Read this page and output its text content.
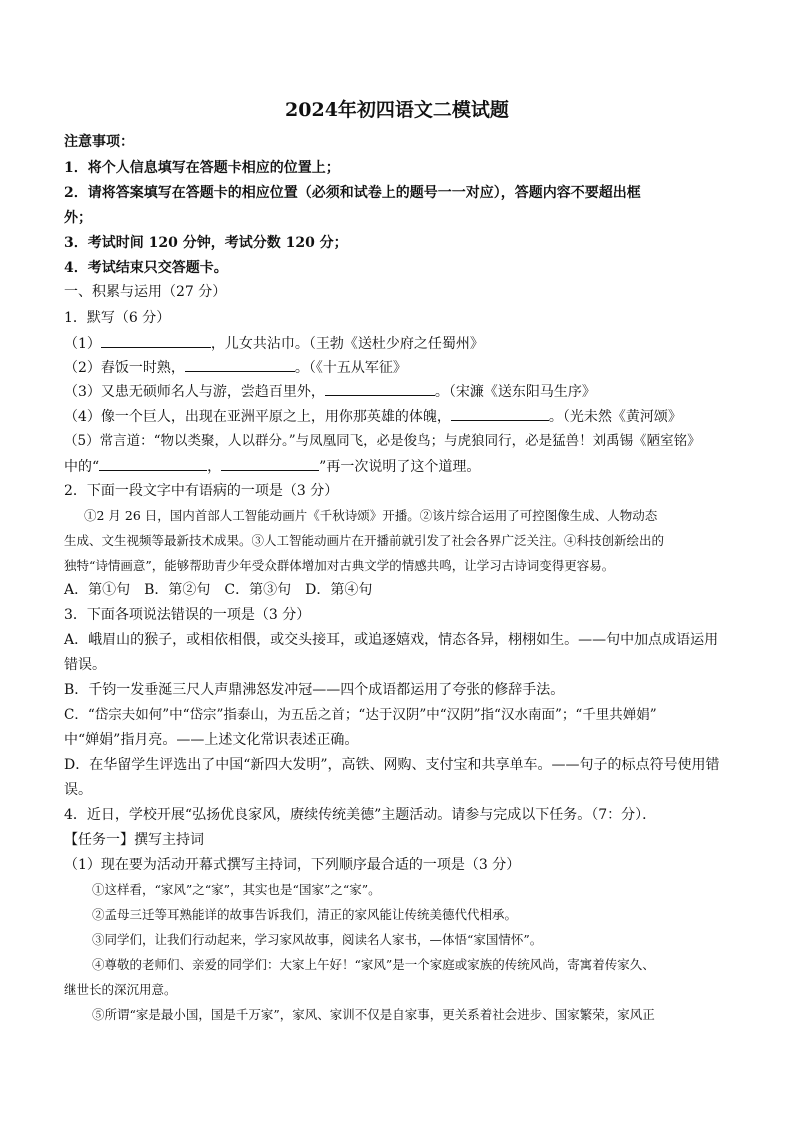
2024年初四语文二模试题
注意事项：
1．将个人信息填写在答题卡相应的位置上；
2．请将答案填写在答题卡的相应位置（必须和试卷上的题号一一对应），答题内容不要超出框
外；
3．考试时间 120 分钟，考试分数 120 分；
4．考试结束只交答题卡。
一、积累与运用（27 分）
1．默写（6 分）
（1）	，儿女共沾巾。（王勃《送杜少府之任蜀州》
（2）舂饭一时熟，	。（《十五从军征》
（3）又患无硕师名人与游，尝趋百里外，	。（宋濂《送东阳马生序》
（4）像一个巨人，出现在亚洲平原之上，用你那英雄的体魄，	。（光未然《黄河颂》
（5）常言道：“物以类聚，人以群分。”与凤凰同飞，必是俊鸟；与虎狼同行，必是猛兽！刘禹锡《陋室铭》
中的“	，	”再一次说明了这个道理。
2．下面一段文字中有语病的一项是（3 分）
①2 月 26 日，国内首部人工智能动画片《千秋诗颂》开播。②该片综合运用了可控图像生成、人物动态
生成、文生视频等最新技术成果。③人工智能动画片在开播前就引发了社会各界广泛关注。④科技创新绘出的
独特“诗情画意”，能够帮助青少年受众群体增加对古典文学的情感共鸣，让学习古诗词变得更容易。
A．第①句　B．第②句　C．第③句　D．第④句
3．下面各项说法错误的一项是（3 分）
A．峨眉山的猴子，或相依相偎，或交头接耳，或追逐嬉戏，情态各异，栩栩如生。——句中加点成语运用
错误。
B．千钧一发垂涎三尺人声鼎沸怒发冲冠——四个成语都运用了夸张的修辞手法。
C．“岱宗夫如何”中“岱宗”指泰山，为五岳之首；“达于汉阴”中“汉阴”指“汉水南面”；“千里共婵娟”
中“婵娟”指月亮。——上述文化常识表述正确。
D．在华留学生评选出了中国“新四大发明”，高铁、网购、支付宝和共享单车。——句子的标点符号使用错
误。
4．近日，学校开展“弘扬优良家风，赓续传统美德”主题活动。请参与完成以下任务。（7：分）．
【任务一】撰写主持词
（1）现在要为活动开幕式撰写主持词，下列顺序最合适的一项是（3 分）
①这样看，“家风”之“家”，其实也是“国家”之“家”。
②孟母三迁等耳熟能详的故事告诉我们，清正的家风能让传统美德代代相承。
③同学们，让我们行动起来，学习家风故事，阅读名人家书，—体悟“家国情怀”。
④尊敬的老师们、亲爱的同学们：大家上午好！“家风”是一个家庭或家族的传统风尚，寄寓着传家久、
继世长的深沉用意。
⑤所谓“家是最小国，国是千万家”，家风、家训不仅是自家事，更关系着社会进步、国家繁荣，家风正
